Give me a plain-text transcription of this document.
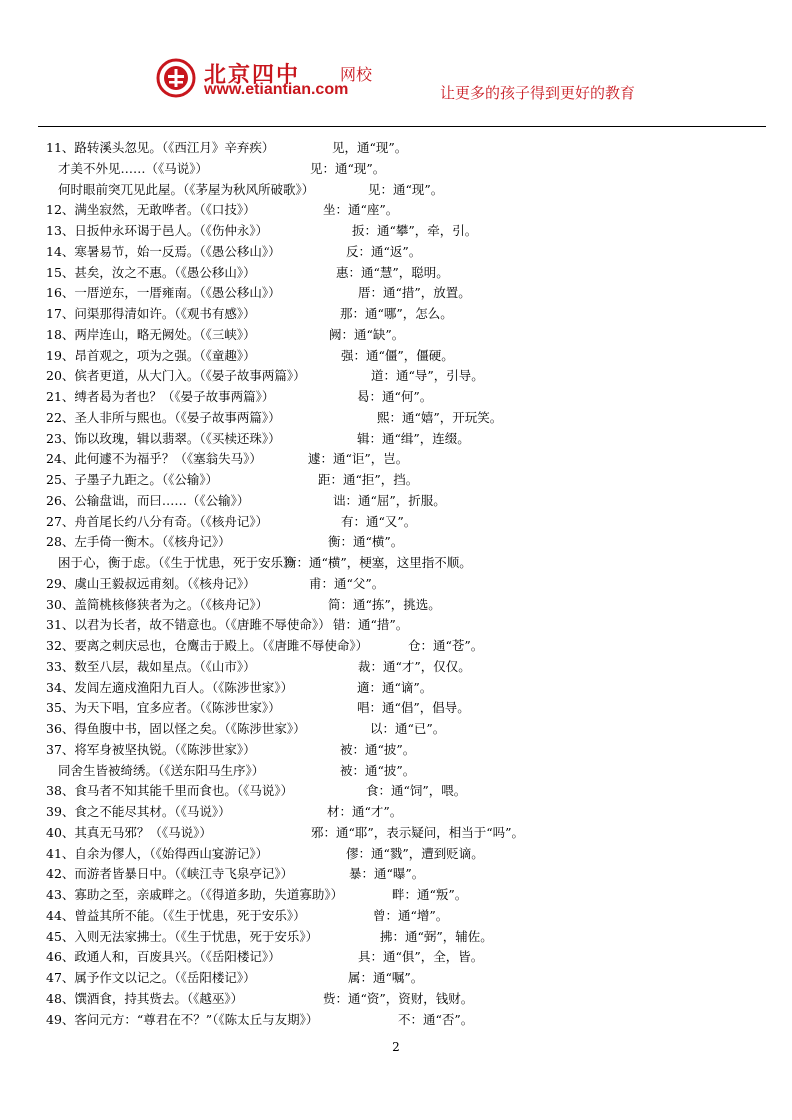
北京四中 网校
www.etiantian.com	让更多的孩子得到更好的教育
11、路转溪头忽见。（《西江月》辛弃疾）	见，通“现”。
才美不外见……（《马说》）	见：通“现”。
何时眼前突兀见此屋。（《茅屋为秋风所破歌》）	见：通“现”。
12、满坐寂然，无敢哗者。（《口技》）	坐：通“座”。
13、日扳仲永环谒于邑人。（《伤仲永》）	扳：通“攀”，牵，引。
14、寒暑易节，始一反焉。（《愚公移山》）	反：通“返”。
15、甚矣，汝之不惠。（《愚公移山》）	惠：通“慧”，聪明。
16、一厝逆东，一厝雍南。（《愚公移山》）	厝：通“措”，放置。
17、问渠那得清如许。（《观书有感》）	那：通“哪”，怎么。
18、两岸连山，略无阙处。（《三峡》）	阙：通“缺”。
19、昂首观之，项为之强。（《童趣》）	强：通“僵”，僵硬。
20、傧者更道，从大门入。（《晏子故事两篇》）	道：通“导”，引导。
21、缚者曷为者也？（《晏子故事两篇》）	曷：通“何”。
22、圣人非所与熙也。（《晏子故事两篇》）	熙：通“嬉”，开玩笑。
23、饰以玫瑰，辑以翡翠。（《买椟还珠》）	辑：通“缉”，连缀。
24、此何遽不为福乎？（《塞翁失马》）	遽：通“讵”，岂。
25、子墨子九距之。（《公输》）	距：通“拒”，挡。
26、公输盘诎，而曰……（《公输》）	诎：通“屈”，折服。
27、舟首尾长约八分有奇。（《核舟记》）	有：通“又”。
28、左手倚一衡木。（《核舟记》）	衡：通“横”。
困于心，衡于虑。（《生于忧患，死于安乐》）
衡：通“横”，梗塞，这里指不顺。
29、虞山王毅叔远甫刻。（《核舟记》）	甫：通“父”。
30、盖简桃核修狭者为之。（《核舟记》）	简：通“拣”，挑选。
31、以君为长者，故不错意也。（《唐雎不辱使命》） 错：通“措”。
32、要离之刺庆忌也，仓鹰击于殿上。（《唐雎不辱使命》）	仓：通“苍”。
33、数至八层，裁如星点。（《山市》）	裁：通“才”，仅仅。
34、发闾左適戍渔阳九百人。（《陈涉世家》）	適：通“谪”。
35、为天下唱，宜多应者。（《陈涉世家》）	唱：通“倡”，倡导。
36、得鱼腹中书，固以怪之矣。（《陈涉世家》）	以：通“已”。
37、将军身被坚执锐。（《陈涉世家》）	被：通“披”。
同舍生皆被绮绣。（《送东阳马生序》）	被：通“披”。
38、食马者不知其能千里而食也。（《马说》）	食：通“饲”，喂。
39、食之不能尽其材。（《马说》）	材：通“才”。
40、其真无马邪？（《马说》）	邪：通“耶”，表示疑问，相当于“吗”。
41、自余为僇人，（《始得西山宴游记》）	僇：通“戮”，遭到贬谪。
42、而游者皆暴日中。（《峡江寺飞泉亭记》）	暴：通“曝”。
43、寡助之至，亲戚畔之。（《得道多助，失道寡助》）	畔：通“叛”。
44、曾益其所不能。（《生于忧患，死于安乐》）	曾：通“增”。
45、入则无法家拂士。（《生于忧患，死于安乐》）	拂：通“弼”，辅佐。
46、政通人和，百废具兴。（《岳阳楼记》）	具：通“俱”，全，皆。
47、属予作文以记之。（《岳阳楼记》）	属：通“嘱”。
48、馔酒食，持其赀去。（《越巫》）	赀：通“资”，资财，钱财。
49、客问元方：“尊君在不？”（《陈太丘与友期》）	不：通“否”。
2
